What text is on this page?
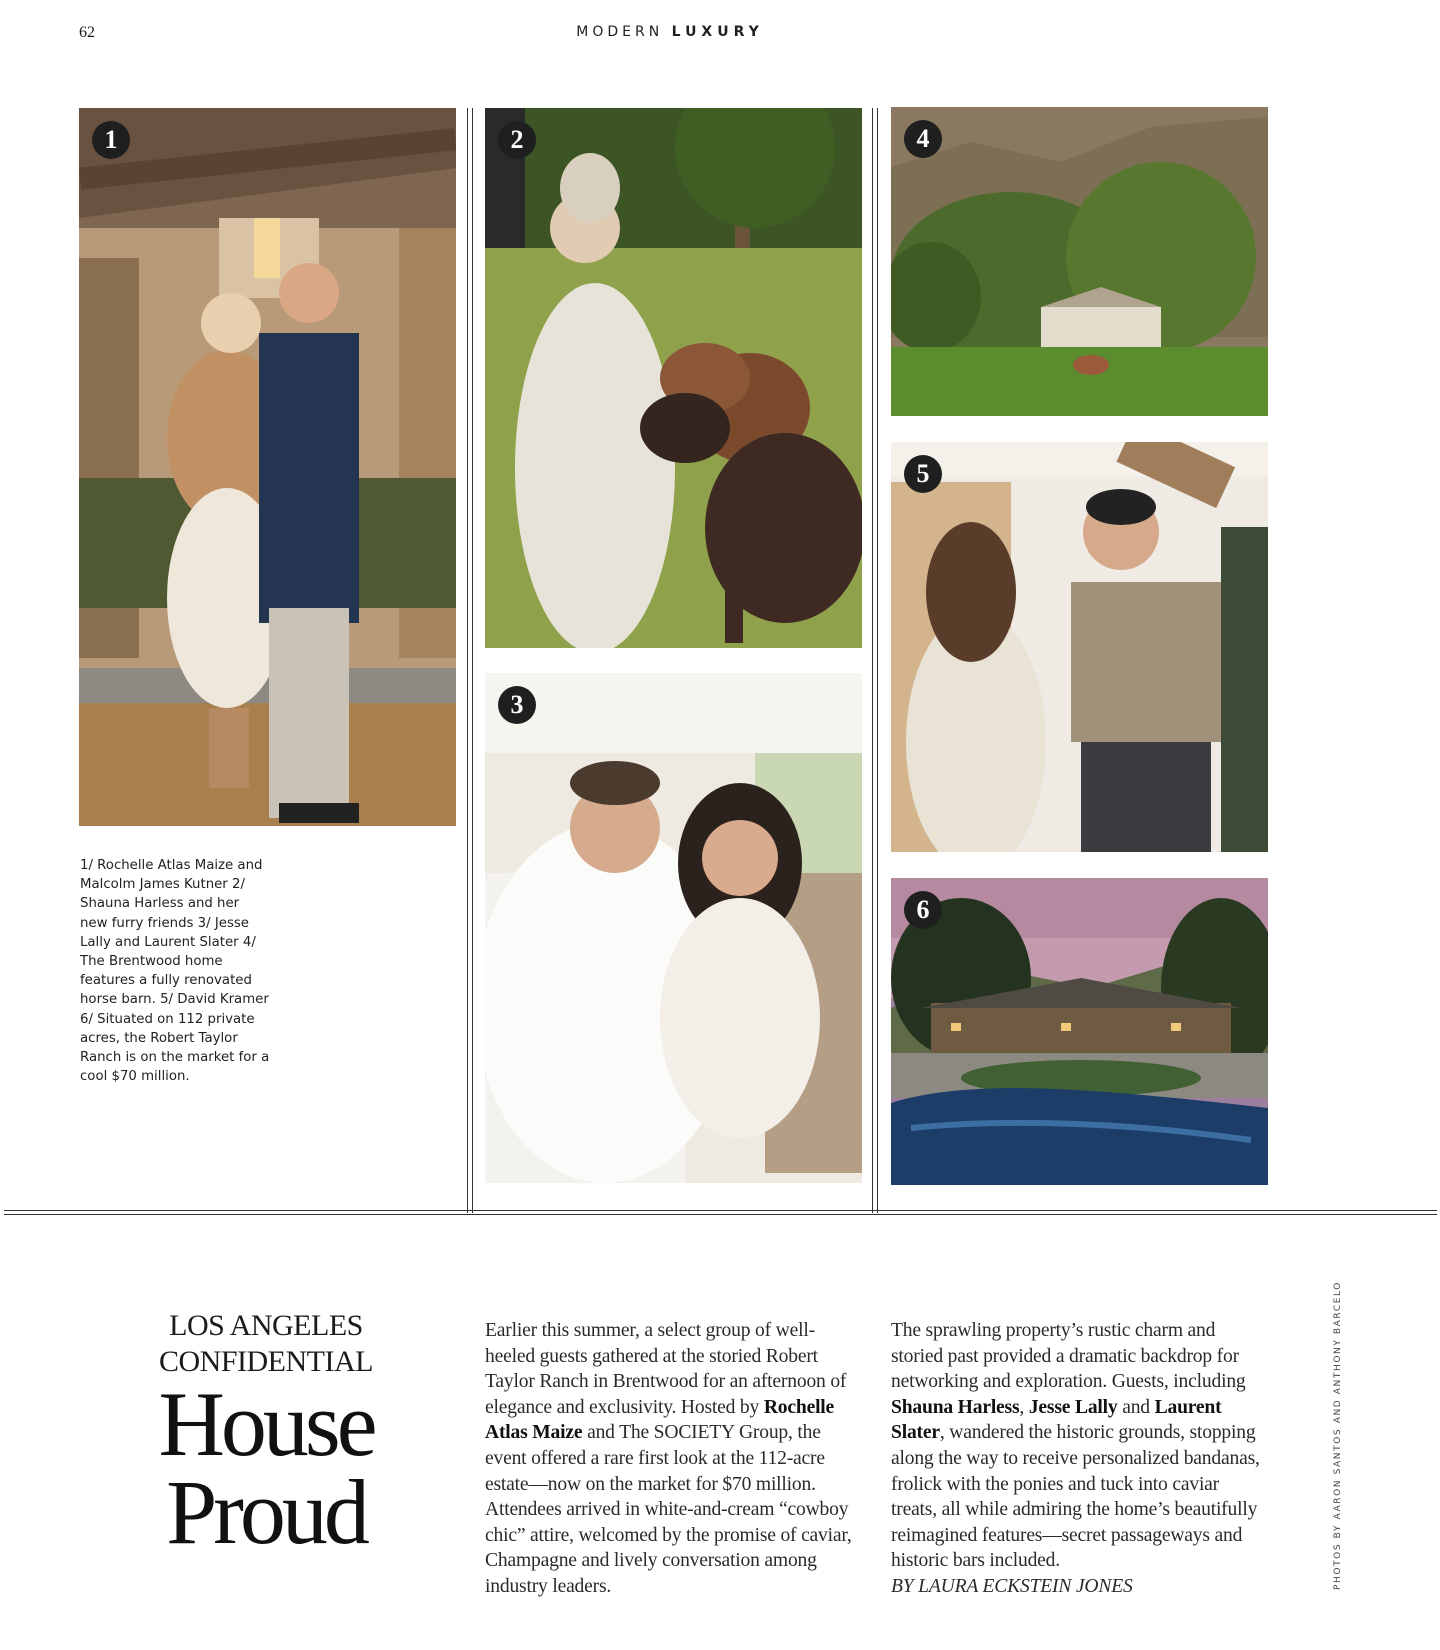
62	MODERN LUXURY
1	2
3
4
5
6
1/ Rochelle Atlas Maize and Malcolm James Kutner 2/ Shauna Harless and her new furry friends 3/ Jesse Lally and Laurent Slater 4/ The Brentwood home features a fully renovated horse barn. 5/ David Kramer 6/ Situated on 112 private acres, the Robert Taylor Ranch is on the market for a cool $70 million.
LOS ANGELES
CONFIDENTIAL
House
Proud

Earlier this summer, a select group of well-heeled guests gathered at the storied Robert Taylor Ranch in Brentwood for an afternoon of elegance and exclusivity. Hosted by Rochelle Atlas Maize and The SOCIETY Group, the event offered a rare first look at the 112-acre estate—now on the market for $70 million. Attendees arrived in white-and-cream “cowboy chic” attire, welcomed by the promise of caviar, Champagne and lively conversation among industry leaders.

The sprawling property’s rustic charm and storied past provided a dramatic backdrop for networking and exploration. Guests, including Shauna Harless, Jesse Lally and Laurent Slater, wandered the historic grounds, stopping along the way to receive personalized bandanas, frolick with the ponies and tuck into caviar treats, all while admiring the home’s beautifully reimagined features—secret passageways and historic bars included.
BY LAURA ECKSTEIN JONES	PHOTOS BY AARON SANTOS AND ANTHONY BARCELO
